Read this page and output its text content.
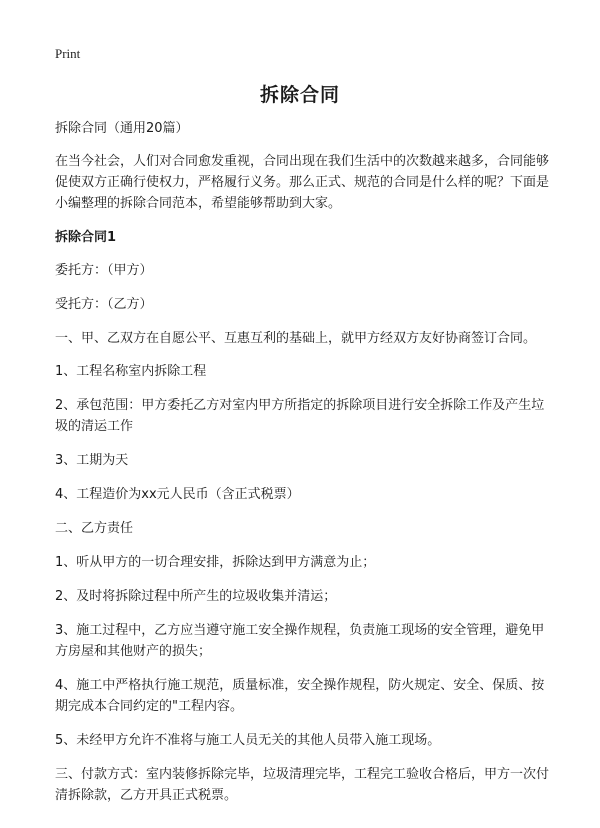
Print
拆除合同

拆除合同（通用20篇）

在当今社会，人们对合同愈发重视，合同出现在我们生活中的次数越来越多，合同能够促使双方正确行使权力，严格履行义务。那么正式、规范的合同是什么样的呢？下面是小编整理的拆除合同范本，希望能够帮助到大家。

拆除合同1

委托方：（甲方）

受托方：（乙方）

一、甲、乙双方在自愿公平、互惠互利的基础上，就甲方经双方友好协商签订合同。

1、工程名称室内拆除工程

2、承包范围：甲方委托乙方对室内甲方所指定的拆除项目进行安全拆除工作及产生垃圾的清运工作

3、工期为天

4、工程造价为xx元人民币（含正式税票）

二、乙方责任

1、听从甲方的一切合理安排，拆除达到甲方满意为止；

2、及时将拆除过程中所产生的垃圾收集并清运；

3、施工过程中，乙方应当遵守施工安全操作规程，负责施工现场的安全管理，避免甲方房屋和其他财产的损失；

4、施工中严格执行施工规范，质量标准，安全操作规程，防火规定、安全、保质、按期完成本合同约定的"工程内容。

5、未经甲方允许不准将与施工人员无关的其他人员带入施工现场。

三、付款方式：室内装修拆除完毕，垃圾清理完毕，工程完工验收合格后，甲方一次付清拆除款，乙方开具正式税票。
